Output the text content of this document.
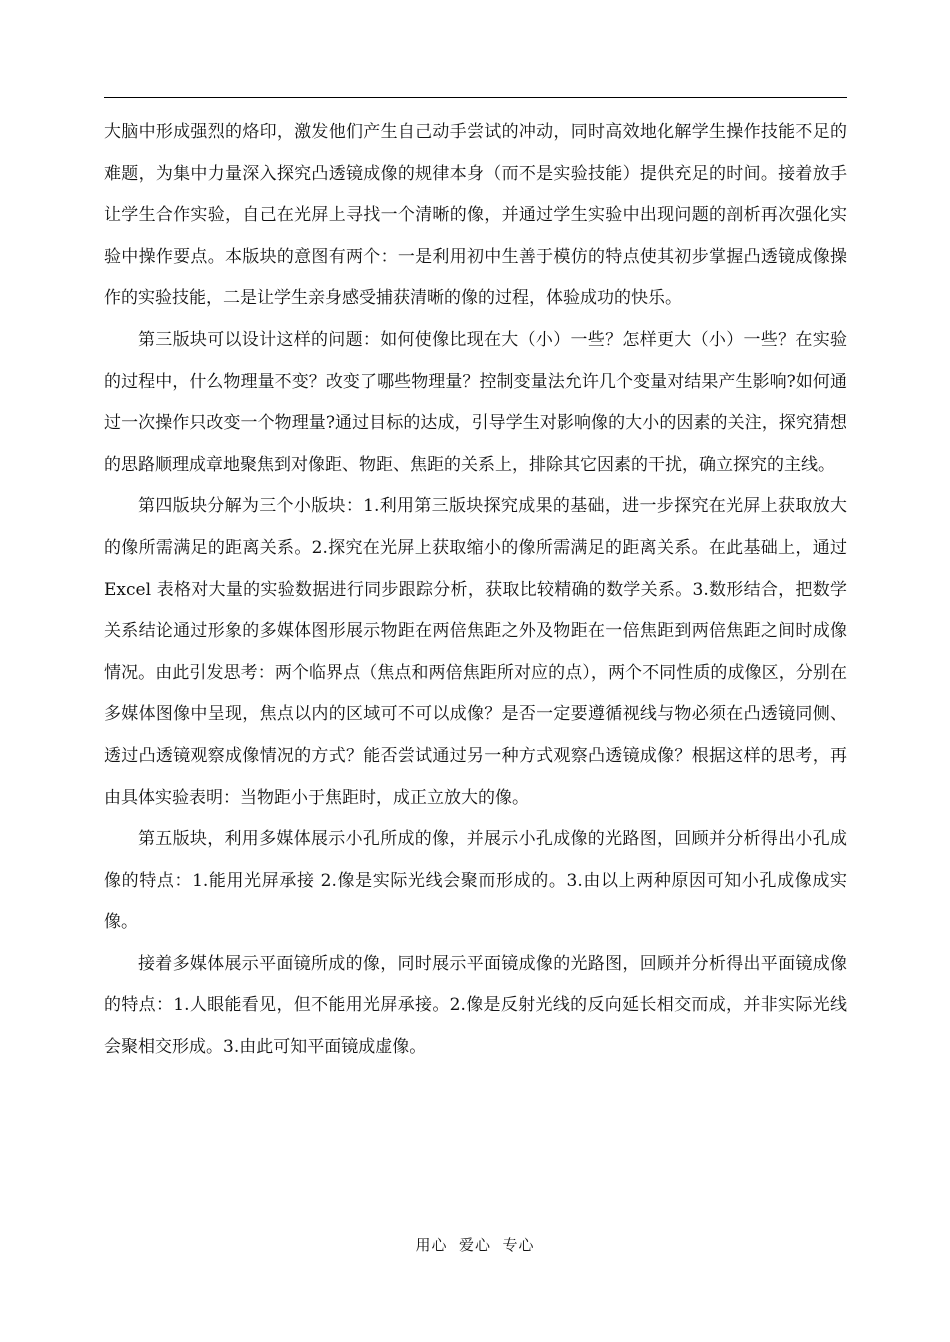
大脑中形成强烈的烙印，激发他们产生自己动手尝试的冲动，同时高效地化解学生操作技能不足的难题，为集中力量深入探究凸透镜成像的规律本身（而不是实验技能）提供充足的时间。接着放手让学生合作实验，自己在光屏上寻找一个清晰的像，并通过学生实验中出现问题的剖析再次强化实验中操作要点。本版块的意图有两个：一是利用初中生善于模仿的特点使其初步掌握凸透镜成像操作的实验技能，二是让学生亲身感受捕获清晰的像的过程，体验成功的快乐。

第三版块可以设计这样的问题：如何使像比现在大（小）一些？怎样更大（小）一些？在实验的过程中，什么物理量不变？改变了哪些物理量？控制变量法允许几个变量对结果产生影响?如何通过一次操作只改变一个物理量?通过目标的达成，引导学生对影响像的大小的因素的关注，探究猜想的思路顺理成章地聚焦到对像距、物距、焦距的关系上，排除其它因素的干扰，确立探究的主线。

第四版块分解为三个小版块：1.利用第三版块探究成果的基础，进一步探究在光屏上获取放大的像所需满足的距离关系。2.探究在光屏上获取缩小的像所需满足的距离关系。在此基础上，通过 Excel 表格对大量的实验数据进行同步跟踪分析，获取比较精确的数学关系。3.数形结合，把数学关系结论通过形象的多媒体图形展示物距在两倍焦距之外及物距在一倍焦距到两倍焦距之间时成像情况。由此引发思考：两个临界点（焦点和两倍焦距所对应的点），两个不同性质的成像区，分别在多媒体图像中呈现，焦点以内的区域可不可以成像？是否一定要遵循视线与物必须在凸透镜同侧、透过凸透镜观察成像情况的方式？能否尝试通过另一种方式观察凸透镜成像？根据这样的思考，再由具体实验表明：当物距小于焦距时，成正立放大的像。

第五版块，利用多媒体展示小孔所成的像，并展示小孔成像的光路图，回顾并分析得出小孔成像的特点：1.能用光屏承接 2.像是实际光线会聚而形成的。3.由以上两种原因可知小孔成像成实像。

接着多媒体展示平面镜所成的像，同时展示平面镜成像的光路图，回顾并分析得出平面镜成像的特点：1.人眼能看见，但不能用光屏承接。2.像是反射光线的反向延长相交而成，并非实际光线会聚相交形成。3.由此可知平面镜成虚像。

用心  爱心  专心
